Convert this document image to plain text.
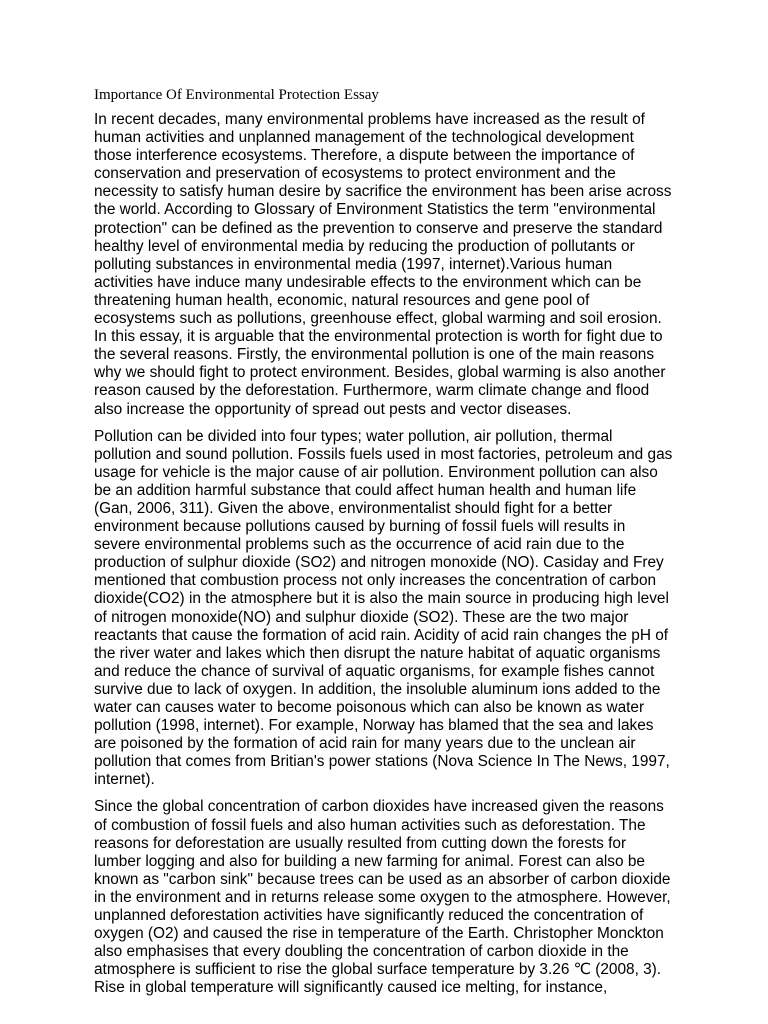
Importance Of Environmental Protection Essay

In recent decades, many environmental problems have increased as the result of
human activities and unplanned management of the technological development
those interference ecosystems. Therefore, a dispute between the importance of
conservation and preservation of ecosystems to protect environment and the
necessity to satisfy human desire by sacrifice the environment has been arise across
the world. According to Glossary of Environment Statistics the term "environmental
protection" can be defined as the prevention to conserve and preserve the standard
healthy level of environmental media by reducing the production of pollutants or
polluting substances in environmental media (1997, internet).Various human
activities have induce many undesirable effects to the environment which can be
threatening human health, economic, natural resources and gene pool of
ecosystems such as pollutions, greenhouse effect, global warming and soil erosion.
In this essay, it is arguable that the environmental protection is worth for fight due to
the several reasons. Firstly, the environmental pollution is one of the main reasons
why we should fight to protect environment. Besides, global warming is also another
reason caused by the deforestation. Furthermore, warm climate change and flood
also increase the opportunity of spread out pests and vector diseases.

Pollution can be divided into four types; water pollution, air pollution, thermal
pollution and sound pollution. Fossils fuels used in most factories, petroleum and gas
usage for vehicle is the major cause of air pollution. Environment pollution can also
be an addition harmful substance that could affect human health and human life
(Gan, 2006, 311). Given the above, environmentalist should fight for a better
environment because pollutions caused by burning of fossil fuels will results in
severe environmental problems such as the occurrence of acid rain due to the
production of sulphur dioxide (SO2) and nitrogen monoxide (NO). Casiday and Frey
mentioned that combustion process not only increases the concentration of carbon
dioxide(CO2) in the atmosphere but it is also the main source in producing high level
of nitrogen monoxide(NO) and sulphur dioxide (SO2). These are the two major
reactants that cause the formation of acid rain. Acidity of acid rain changes the pH of
the river water and lakes which then disrupt the nature habitat of aquatic organisms
and reduce the chance of survival of aquatic organisms, for example fishes cannot
survive due to lack of oxygen. In addition, the insoluble aluminum ions added to the
water can causes water to become poisonous which can also be known as water
pollution (1998, internet). For example, Norway has blamed that the sea and lakes
are poisoned by the formation of acid rain for many years due to the unclean air
pollution that comes from Britian's power stations (Nova Science In The News, 1997,
internet).

Since the global concentration of carbon dioxides have increased given the reasons
of combustion of fossil fuels and also human activities such as deforestation. The
reasons for deforestation are usually resulted from cutting down the forests for
lumber logging and also for building a new farming for animal. Forest can also be
known as "carbon sink" because trees can be used as an absorber of carbon dioxide
in the environment and in returns release some oxygen to the atmosphere. However,
unplanned deforestation activities have significantly reduced the concentration of
oxygen (O2) and caused the rise in temperature of the Earth. Christopher Monckton
also emphasises that every doubling the concentration of carbon dioxide in the
atmosphere is sufficient to rise the global surface temperature by 3.26 ℃ (2008, 3).
Rise in global temperature will significantly caused ice melting, for instance,
